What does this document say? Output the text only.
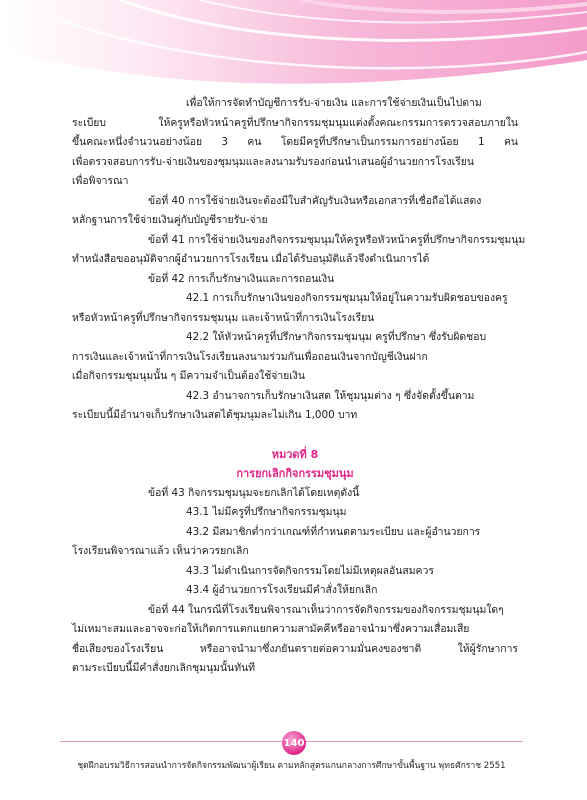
เพื่อให้การจัดทำบัญชีการรับ-จ่ายเงิน และการใช้จ่ายเงินเป็นไปตาม
ระเบียบ ให้ครูหรือหัวหน้าครูที่ปรึกษากิจกรรมชุมนุมแต่งตั้งคณะกรรมการตรวจสอบภายใน
ขึ้นคณะหนึ่งจำนวนอย่างน้อย 3 คน โดยมีครูที่ปรึกษาเป็นกรรมการอย่างน้อย 1 คน
เพื่อตรวจสอบการรับ-จ่ายเงินของชุมนุมและลงนามรับรองก่อนนำเสนอผู้อำนวยการโรงเรียน
เพื่อพิจารณา

ข้อที่ 40 การใช้จ่ายเงินจะต้องมีใบสำคัญรับเงินหรือเอกสารที่เชื่อถือได้แสดง
หลักฐานการใช้จ่ายเงินคู่กับบัญชีรายรับ-จ่าย

ข้อที่ 41 การใช้จ่ายเงินของกิจกรรมชุมนุมให้ครูหรือหัวหน้าครูที่ปรึกษากิจกรรมชุมนุม
ทำหนังสือขออนุมัติจากผู้อำนวยการโรงเรียน เมื่อได้รับอนุมัติแล้วจึงดำเนินการได้

ข้อที่ 42 การเก็บรักษาเงินและการถอนเงิน

42.1 การเก็บรักษาเงินของกิจกรรมชุมนุมให้อยู่ในความรับผิดชอบของครู
หรือหัวหน้าครูที่ปรึกษากิจกรรมชุมนุม และเจ้าหน้าที่การเงินโรงเรียน

42.2 ให้หัวหน้าครูที่ปรึกษากิจกรรมชุมนุม ครูที่ปรึกษา ซึ่งรับผิดชอบ
การเงินและเจ้าหน้าที่การเงินโรงเรียนลงนามร่วมกันเพื่อถอนเงินจากบัญชีเงินฝาก
เมื่อกิจกรรมชุมนุมนั้น ๆ มีความจำเป็นต้องใช้จ่ายเงิน

42.3 อำนาจการเก็บรักษาเงินสด ให้ชุมนุมต่าง ๆ ซึ่งจัดตั้งขึ้นตาม
ระเบียบนี้มีอำนาจเก็บรักษาเงินสดได้ชุมนุมละไม่เกิน 1,000 บาท

หมวดที่ 8
การยกเลิกกิจกรรมชุมนุม

ข้อที่ 43 กิจกรรมชุมนุมจะยกเลิกได้โดยเหตุดังนี้

43.1 ไม่มีครูที่ปรึกษากิจกรรมชุมนุม

43.2 มีสมาชิกต่ำกว่าเกณฑ์ที่กำหนดตามระเบียบ และผู้อำนวยการ
โรงเรียนพิจารณาแล้ว เห็นว่าควรยกเลิก

43.3 ไม่ดำเนินการจัดกิจกรรมโดยไม่มีเหตุผลอันสมควร

43.4 ผู้อำนวยการโรงเรียนมีคำสั่งให้ยกเลิก

ข้อที่ 44 ในกรณีที่โรงเรียนพิจารณาเห็นว่าการจัดกิจกรรมของกิจกรรมชุมนุมใดๆ
ไม่เหมาะสมและอาจจะก่อให้เกิดการแตกแยกความสามัคคีหรืออาจนำมาซึ่งความเสื่อมเสีย
ชื่อเสียงของโรงเรียน หรืออาจนำมาซึ่งภยันตรายต่อความมั่นคงของชาติ ให้ผู้รักษาการ
ตามระเบียบนี้มีคำสั่งยกเลิกชุมนุมนั้นทันที

140
ชุดฝึกอบรมวิธีการสอนนำการจัดกิจกรรมพัฒนาผู้เรียน ตามหลักสูตรแกนกลางการศึกษาขั้นพื้นฐาน พุทธศักราช 2551
